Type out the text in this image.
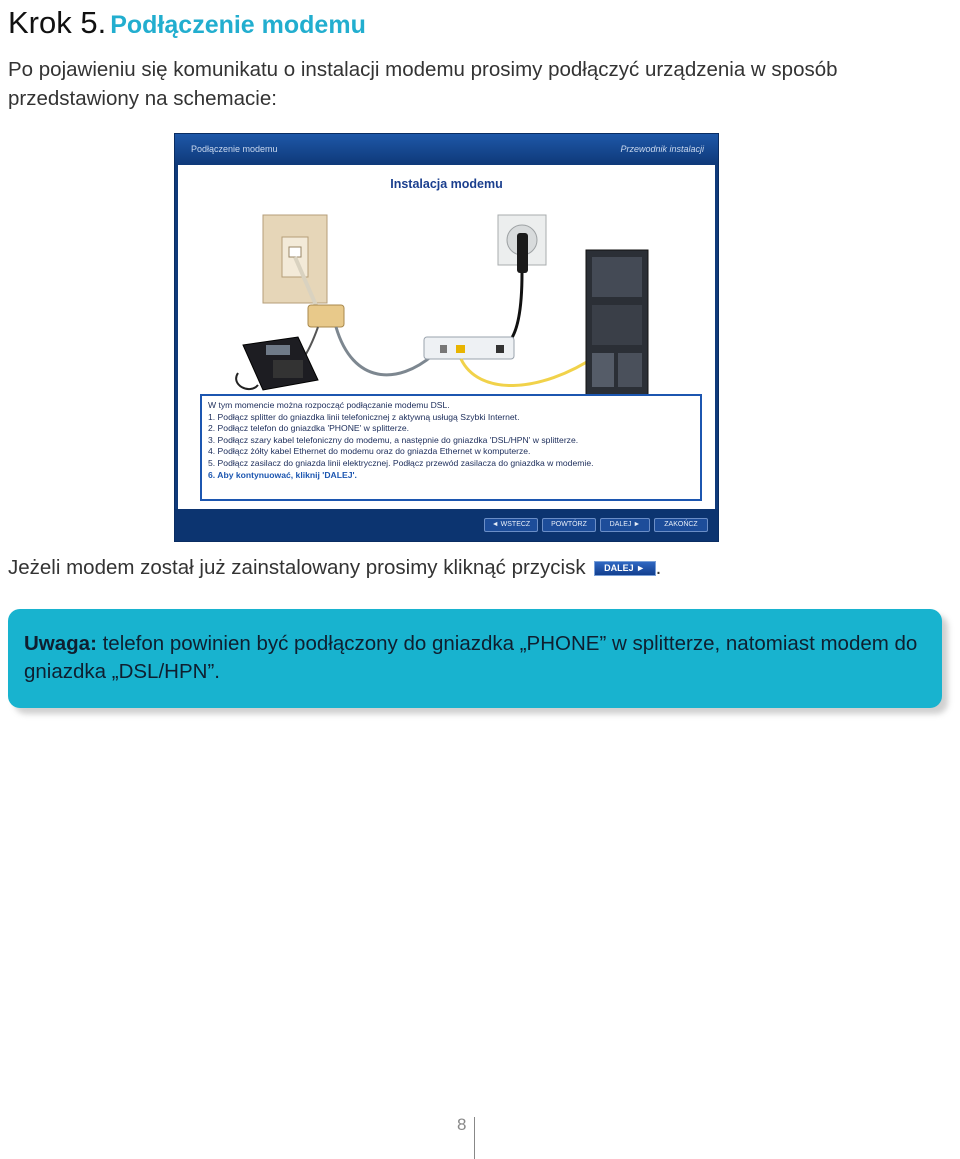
Krok 5. Podłączenie modemu
Po pojawieniu się komunikatu o instalacji modemu prosimy podłączyć urządzenia w sposób przedstawiony na schemacie:
Podłączenie modemu	Przewodnik instalacji
Instalacja modemu
W tym momencie można rozpocząć podłączanie modemu DSL.
1. Podłącz splitter do gniazdka linii telefonicznej z aktywną usługą Szybki Internet.
2. Podłącz telefon do gniazdka 'PHONE' w splitterze.
3. Podłącz szary kabel telefoniczny do modemu, a następnie do gniazdka 'DSL/HPN' w splitterze.
4. Podłącz żółty kabel Ethernet do modemu oraz do gniazda Ethernet w komputerze.
5. Podłącz zasilacz do gniazda linii elektrycznej. Podłącz przewód zasilacza do gniazdka w modemie.
6. Aby kontynuować, kliknij 'DALEJ'.
◄ WSTECZ	POWTÓRZ	DALEJ ►	ZAKOŃCZ
Jeżeli modem został już zainstalowany prosimy kliknąć przycisk DALEJ ► .
Uwaga: telefon powinien być podłączony do gniazdka „PHONE” w splitterze, natomiast modem do gniazdka „DSL/HPN”.
8
